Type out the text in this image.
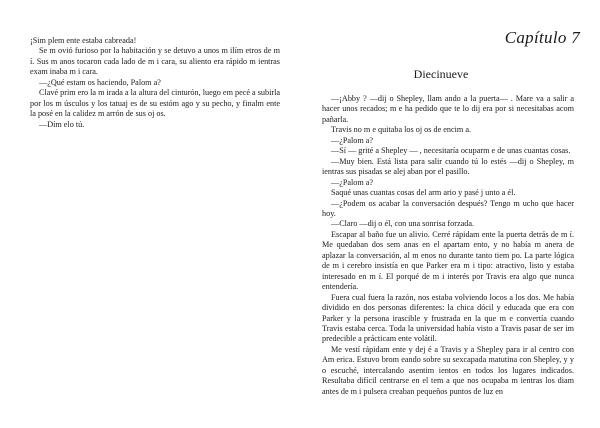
¡Sim plem ente estaba cabreada!

Se m ovió furioso por la habitación y se detuvo a unos m ilím etros de m í. Sus m anos tocaron cada lado de m i cara, su aliento era rápido m ientras exam inaba m i cara.

—¿Qué estam os haciendo, Palom a?

Clavé prim ero la m irada a la altura del cinturón, luego em pecé a subirla por los m úsculos y los tatuaj es de su estóm ago y su pecho, y finalm ente la posé en la calidez m arrón de sus oj os.

—Dím elo tú.

Capítulo 7
Diecinueve

—¡Abby ? —dij o Shepley, llam ando a la puerta— . Mare va a salir a hacer unos recados; m e ha pedido que te lo dij era por si necesitabas acom pañarla.

Travis no m e quitaba los oj os de encim a.

—¿Palom a?

—Sí — grité a Shepley — , necesitaría ocuparm e de unas cuantas cosas.

—Muy bien. Está lista para salir cuando tú lo estés —dij o Shepley, m ientras sus pisadas se alej aban por el pasillo.

—¿Palom a?

Saqué unas cuantas cosas del arm ario y pasé j unto a él.

—¿Podem os acabar la conversación después? Tengo m ucho que hacer hoy.

—Claro —dij o él, con una sonrisa forzada.

Escapar al baño fue un alivio. Cerré rápidam ente la puerta detrás de m í. Me quedaban dos sem anas en el apartam ento, y no había m anera de aplazar la conversación, al m enos no durante tanto tiem po. La parte lógica de m i cerebro insistía en que Parker era m i tipo: atractivo, listo y estaba interesado en m í. El porqué de m i interés por Travis era algo que nunca entendería.

Fuera cual fuera la razón, nos estaba volviendo locos a los dos. Me había dividido en dos personas diferentes: la chica dócil y educada que era con Parker y la persona irascible y frustrada en la que m e convertía cuando Travis estaba cerca. Toda la universidad había visto a Travis pasar de ser im predecible a prácticam ente volátil.

Me vestí rápidam ente y dej é a Travis y a Shepley para ir al centro con Am erica. Estuvo brom eando sobre su sexcapada matutina con Shepley, y y o escuché, intercalando asentim ientos en todos los lugares indicados. Resultaba difícil centrarse en el tem a que nos ocupaba m ientras los diam antes de m i pulsera creaban pequeños puntos de luz en
